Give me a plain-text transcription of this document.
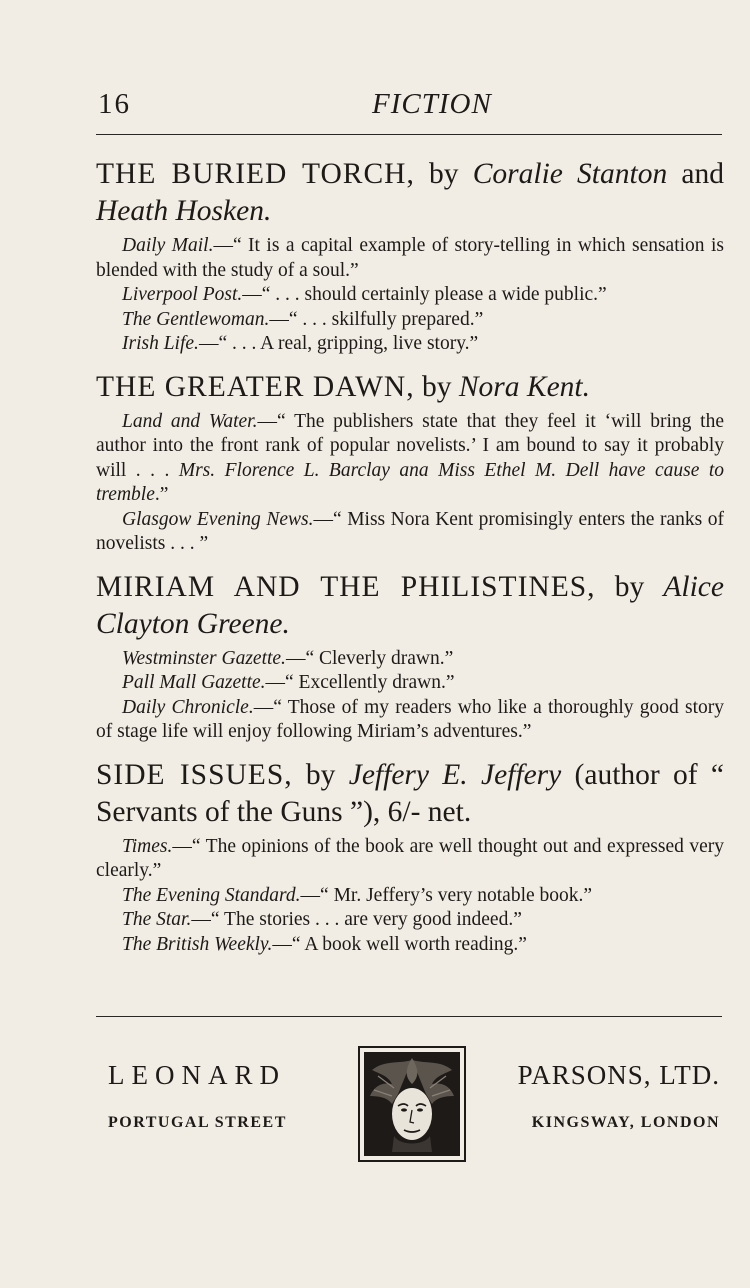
16	FICTION

THE BURIED TORCH, by Coralie Stanton and Heath Hosken.

Daily Mail.—“ It is a capital example of story-telling in which sensation is blended with the study of a soul.”

Liverpool Post.—“ . . . should certainly please a wide public.”

The Gentlewoman.—“ . . . skilfully prepared.”

Irish Life.—“ . . . A real, gripping, live story.”

THE GREATER DAWN, by Nora Kent.

Land and Water.—“ The publishers state that they feel it ‘will bring the author into the front rank of popular novelists.’ I am bound to say it probably will . . . Mrs. Florence L. Barclay ana Miss Ethel M. Dell have cause to tremble.”

Glasgow Evening News.—“ Miss Nora Kent promisingly enters the ranks of novelists . . . ”

MIRIAM AND THE PHILISTINES, by Alice Clayton Greene.

Westminster Gazette.—“ Cleverly drawn.”

Pall Mall Gazette.—“ Excellently drawn.”

Daily Chronicle.—“ Those of my readers who like a thoroughly good story of stage life will enjoy following Miriam’s adventures.”

SIDE ISSUES, by Jeffery E. Jeffery (author of “ Servants of the Guns ”), 6/- net.

Times.—“ The opinions of the book are well thought out and expressed very clearly.”

The Evening Standard.—“ Mr. Jeffery’s very notable book.”

The Star.—“ The stories . . . are very good indeed.”

The British Weekly.—“ A book well worth reading.”

LEONARD	PARSONS, LTD.
PORTUGAL STREET	KINGSWAY, LONDON
